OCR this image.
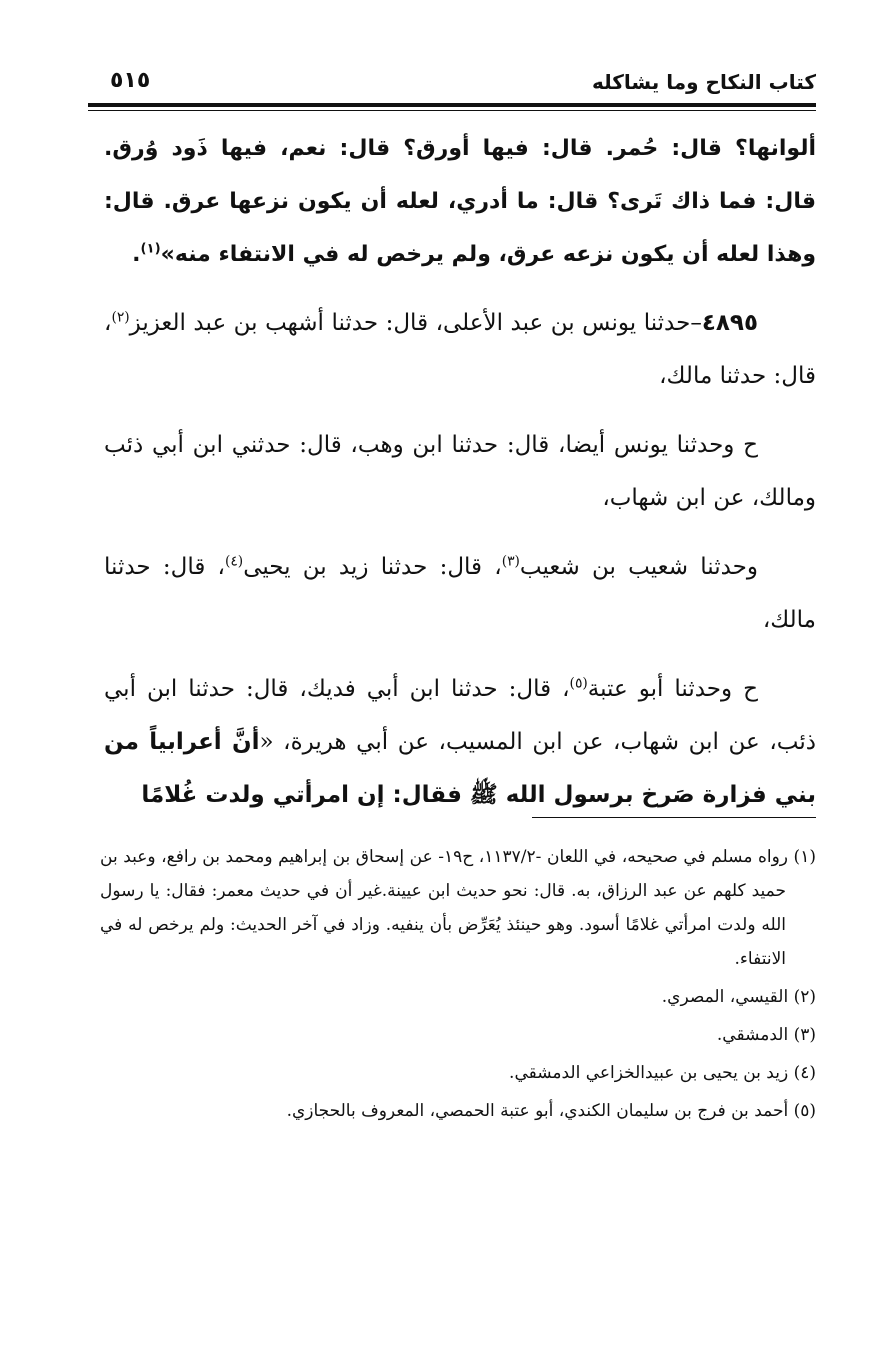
كتاب النكاح وما يشاكله
٥١٥

ألوانها؟ قال: حُمر. قال: فيها أورق؟ قال: نعم، فيها ذَود وُرق. قال: فما ذاك تَرى؟ قال: ما أدري، لعله أن يكون نزعها عرق. قال: وهذا لعله أن يكون نزعه عرق، ولم يرخص له في الانتفاء منه»$^{(١)}$.

٤٨٩٥–حدثنا يونس بن عبد الأعلى، قال: حدثنا أشهب بن عبد العزيز$^{(٢)}$، قال: حدثنا مالك،

ح وحدثنا يونس أيضا، قال: حدثنا ابن وهب، قال: حدثني ابن أبي ذئب ومالك، عن ابن شهاب،

وحدثنا شعيب بن شعيب$^{(٣)}$، قال: حدثنا زيد بن يحيى$^{(٤)}$، قال: حدثنا مالك،

ح وحدثنا أبو عتبة$^{(٥)}$، قال: حدثنا ابن أبي فديك، قال: حدثنا ابن أبي ذئب، عن ابن شهاب، عن ابن المسيب، عن أبي هريرة، «أنَّ أعرابياً من بني فزارة صَرخ برسول الله ﷺ فقال: إن امرأتي ولدت غُلامًا

(١) رواه مسلم في صحيحه، في اللعان -١١٣٧/٢، ح١٩- عن إسحاق بن إبراهيم ومحمد بن رافع، وعبد بن حميد كلهم عن عبد الرزاق، به. قال: نحو حديث ابن عيينة.غير أن في حديث معمر: فقال: يا رسول الله ولدت امرأتي غلامًا أسود. وهو حينئذ يُعَرِّض بأن ينفيه. وزاد في آخر الحديث: ولم يرخص له في الانتفاء.

(٢) القيسي، المصري.

(٣) الدمشقي.

(٤) زيد بن يحيى بن عبيدالخزاعي الدمشقي.

(٥) أحمد بن فرج بن سليمان الكندي، أبو عتبة الحمصي، المعروف بالحجازي.
